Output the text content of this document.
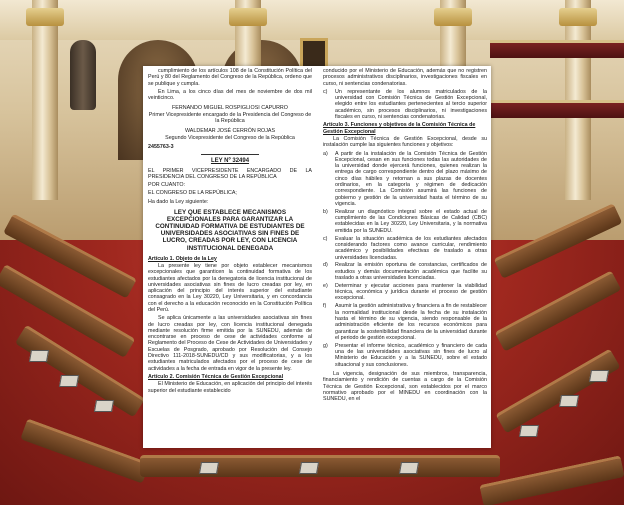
cumplimiento de los artículos 108 de la Constitución Política del Perú y 80 del Reglamento del Congreso de la República, ordeno que se publique y cumpla.

En Lima, a los cinco días del mes de noviembre de dos mil veinticinco.

FERNANDO MIGUEL ROSPIGLIOSI CAPURRO

Primer Vicepresidente encargado de la Presidencia del Congreso de la República

WALDEMAR JOSÉ CERRÓN ROJAS

Segundo Vicepresidente del Congreso de la República

2455763-3

LEY Nº 32494

EL PRIMER VICEPRESIDENTE ENCARGADO DE LA PRESIDENCIA DEL CONGRESO DE LA REPÚBLICA

POR CUANTO:

EL CONGRESO DE LA REPÚBLICA;

Ha dado la Ley siguiente:

LEY QUE ESTABLECE MECANISMOS EXCEPCIONALES PARA GARANTIZAR LA CONTINUIDAD FORMATIVA DE ESTUDIANTES DE UNIVERSIDADES ASOCIATIVAS SIN FINES DE LUCRO, CREADAS POR LEY, CON LICENCIA INSTITUCIONAL DENEGADA

Artículo 1. Objeto de la Ley

La presente ley tiene por objeto establecer mecanismos excepcionales que garanticen la continuidad formativa de los estudiantes afectados por la denegatoria de licencia institucional de universidades asociativas sin fines de lucro creadas por ley, en aplicación del principio del interés superior del estudiante consagrado en la Ley 30220, Ley Universitaria, y en concordancia con el derecho a la educación reconocido en la Constitución Política del Perú.

Se aplica únicamente a las universidades asociativas sin fines de lucro creadas por ley, con licencia institucional denegada mediante resolución firme emitida por la SUNEDU, además de encontrarse en proceso de cese de actividades conforme al Reglamento del Proceso de Cese de Actividades de Universidades y Escuelas de Posgrado, aprobado por Resolución del Consejo Directivo 111-2018-SUNEDU/CD y sus modificatorias, y a los estudiantes matriculados afectados por el proceso de cese de actividades a la fecha de entrada en vigor de la presente ley.

Artículo 2. Comisión Técnica de Gestión Excepcional

El Ministerio de Educación, en aplicación del principio del interés superior del estudiante establecido

conducido por el Ministerio de Educación, además que no registren procesos administrativos disciplinarios, investigaciones fiscales en curso, ni sentencias condenatorias.

c)	Un representante de los alumnos matriculados de la universidad con Comisión Técnica de Gestión Excepcional, elegido entre los estudiantes pertenecientes al tercio superior académico, sin procesos disciplinarios, ni investigaciones fiscales en curso, ni sentencias condenatorias.

Artículo 3. Funciones y objetivos de la Comisión Técnica de Gestión Excepcional

La Comisión Técnica de Gestión Excepcional, desde su instalación cumple las siguientes funciones y objetivos:

a)	A partir de la instalación de la Comisión Técnica de Gestión Excepcional, cesan en sus funciones todas las autoridades de la universidad donde ejercerá funciones, quienes realizan la entrega de cargo correspondiente dentro del plazo máximo de cinco días hábiles y retornan a sus plazas de docentes ordinarios, en la categoría y régimen de dedicación correspondiente. La Comisión asumirá las funciones de gobierno y gestión de la universidad hasta el término de su vigencia.
b)	Realizar un diagnóstico integral sobre el estado actual de cumplimiento de las Condiciones Básicas de Calidad (CBC) establecidas en la Ley 30220, Ley Universitaria, y la normativa emitida por la SUNEDU.
c)	Evaluar la situación académica de los estudiantes afectados considerando factores como avance curricular, rendimiento académico y posibilidades efectivas de traslado a otras universidades licenciadas.
d)	Realizar la emisión oportuna de constancias, certificados de estudios y demás documentación académica que facilite su traslado a otras universidades licenciadas.
e)	Determinar y ejecutar acciones para mantener la viabilidad técnica, económica y jurídica durante el proceso de gestión excepcional.
f)	Asumir la gestión administrativa y financiera a fin de restablecer la normalidad institucional desde la fecha de su instalación hasta el término de su vigencia, siendo responsable de la administración eficiente de los recursos económicos para garantizar la sostenibilidad financiera de la universidad durante el periodo de gestión excepcional.
g)	Presentar el informe técnico, académico y financiero de cada una de las universidades asociativas sin fines de lucro al Ministerio de Educación y a la SUNEDU, sobre el estado situacional y sus conclusiones.

La vigencia, designación de sus miembros, transparencia, financiamiento y rendición de cuentas a cargo de la Comisión Técnica de Gestión Excepcional, son establecidos por el marco normativo aprobado por el MINEDU en coordinación con la SUNEDU, en el
